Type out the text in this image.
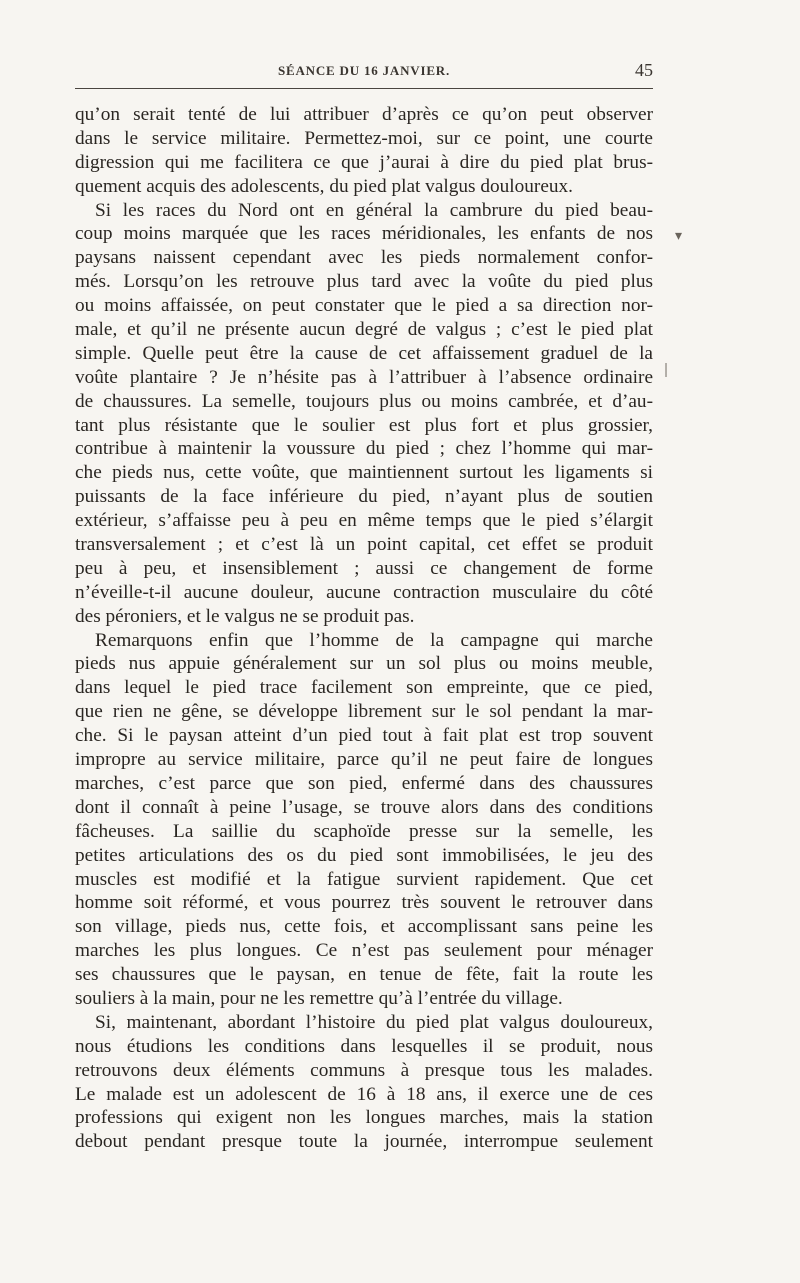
SÉANCE DU 16 JANVIER.	45
qu’on serait tenté de lui attribuer d’après ce qu’on peut observer
dans le service militaire. Permettez-moi, sur ce point, une courte
digression qui me facilitera ce que j’aurai à dire du pied plat brus-
quement acquis des adolescents, du pied plat valgus douloureux.
Si les races du Nord ont en général la cambrure du pied beau-
coup moins marquée que les races méridionales, les enfants de nos
paysans naissent cependant avec les pieds normalement confor-
més. Lorsqu’on les retrouve plus tard avec la voûte du pied plus
ou moins affaissée, on peut constater que le pied a sa direction nor-
male, et qu’il ne présente aucun degré de valgus ; c’est le pied plat
simple. Quelle peut être la cause de cet affaissement graduel de la
voûte plantaire ? Je n’hésite pas à l’attribuer à l’absence ordinaire
de chaussures. La semelle, toujours plus ou moins cambrée, et d’au-
tant plus résistante que le soulier est plus fort et plus grossier,
contribue à maintenir la voussure du pied ; chez l’homme qui mar-
che pieds nus, cette voûte, que maintiennent surtout les ligaments si
puissants de la face inférieure du pied, n’ayant plus de soutien
extérieur, s’affaisse peu à peu en même temps que le pied s’élargit
transversalement ; et c’est là un point capital, cet effet se produit
peu à peu, et insensiblement ; aussi ce changement de forme
n’éveille-t-il aucune douleur, aucune contraction musculaire du côté
des péroniers, et le valgus ne se produit pas.
Remarquons enfin que l’homme de la campagne qui marche
pieds nus appuie généralement sur un sol plus ou moins meuble,
dans lequel le pied trace facilement son empreinte, que ce pied,
que rien ne gêne, se développe librement sur le sol pendant la mar-
che. Si le paysan atteint d’un pied tout à fait plat est trop souvent
impropre au service militaire, parce qu’il ne peut faire de longues
marches, c’est parce que son pied, enfermé dans des chaussures
dont il connaît à peine l’usage, se trouve alors dans des conditions
fâcheuses. La saillie du scaphoïde presse sur la semelle, les
petites articulations des os du pied sont immobilisées, le jeu des
muscles est modifié et la fatigue survient rapidement. Que cet
homme soit réformé, et vous pourrez très souvent le retrouver dans
son village, pieds nus, cette fois, et accomplissant sans peine les
marches les plus longues. Ce n’est pas seulement pour ménager
ses chaussures que le paysan, en tenue de fête, fait la route les
souliers à la main, pour ne les remettre qu’à l’entrée du village.
Si, maintenant, abordant l’histoire du pied plat valgus douloureux,
nous étudions les conditions dans lesquelles il se produit, nous
retrouvons deux éléments communs à presque tous les malades.
Le malade est un adolescent de 16 à 18 ans, il exerce une de ces
professions qui exigent non les longues marches, mais la station
debout pendant presque toute la journée, interrompue seulement
▾
ǀ
